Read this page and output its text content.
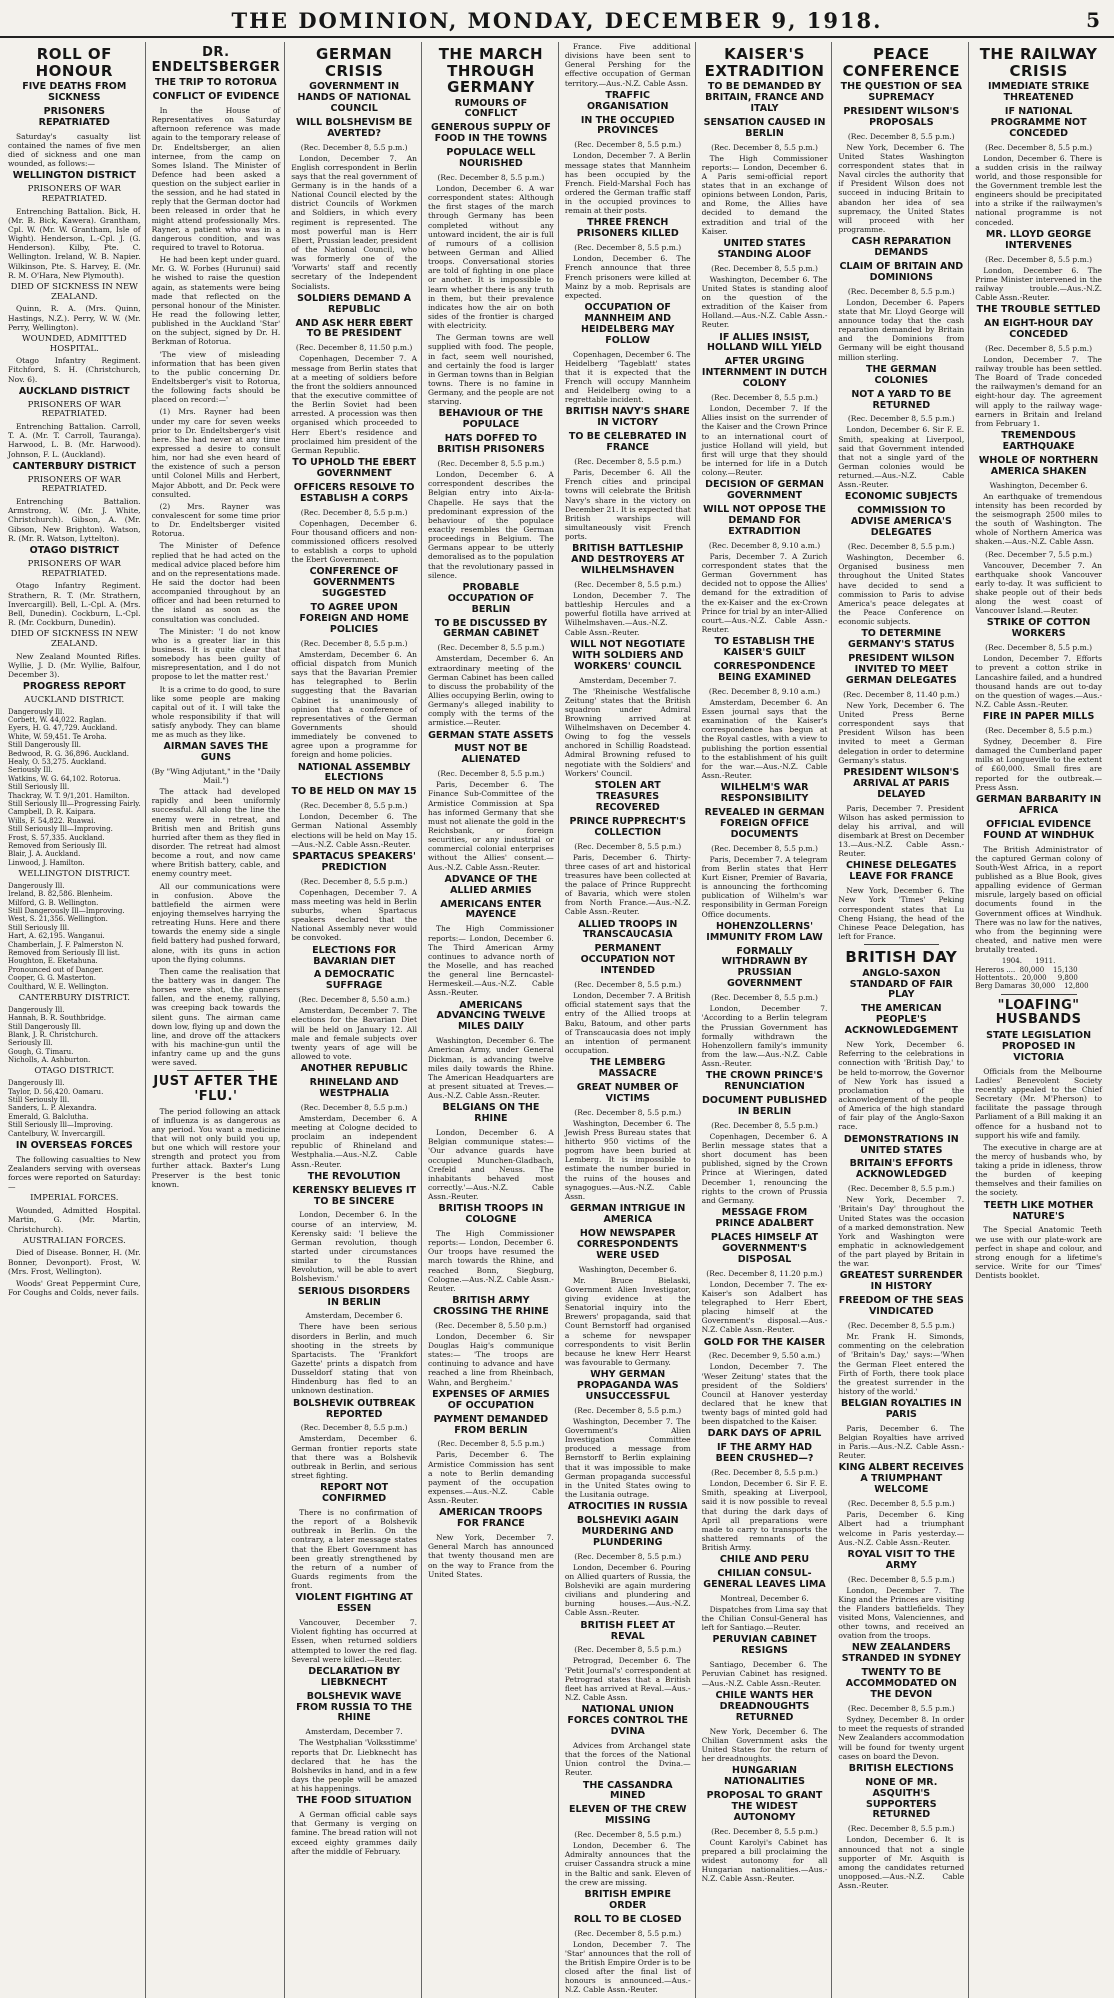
THE DOMINION, MONDAY, DECEMBER 9, 1918.	5
ROLL OF HONOUR
FIVE DEATHS FROM SICKNESS
PRISONERS REPATRIATED
Saturday's casualty list contained the names of five men died of sickness and one man wounded, as follows:—
WELLINGTON DISTRICT
PRISONERS OF WAR REPATRIATED.
Entrenching Battalion. Bick, H. (Mr. B. Bick, Kawera). Grantham, Cpl. W. (Mr. W. Grantham, Isle of Wight). Henderson, L.-Cpl. J. (G. Henderson). Kilby, Pte. C. Wellington. Ireland, W. B. Napier. Wilkinson, Pte. S. Harvey, E. (Mr. R. M. O'Hara, New Plymouth).
DIED OF SICKNESS IN NEW ZEALAND.
Quinn, R. A. (Mrs. Quinn, Hastings, N.Z.). Perry, W. W. (Mr. Perry, Wellington).
WOUNDED, ADMITTED HOSPITAL.
Otago Infantry Regiment. Fitchford, S. H. (Christchurch, Nov. 6).
AUCKLAND DISTRICT
PRISONERS OF WAR REPATRIATED.
Entrenching Battalion. Carroll, T. A. (Mr. T. Carroll, Tauranga). Harwood, L. B. (Mr. Harwood). Johnson, F. L. (Auckland).
CANTERBURY DISTRICT
PRISONERS OF WAR REPATRIATED.
Entrenching Battalion. Armstrong, W. (Mr. J. White, Christchurch). Gibson, A. (Mr. Gibson, New Brighton). Watson, R. (Mr. R. Watson, Lyttelton).
OTAGO DISTRICT
PRISONERS OF WAR REPATRIATED.
Otago Infantry Regiment. Strathern, R. T. (Mr. Strathern, Invercargill). Bell, L.-Cpl. A. (Mrs. Bell, Dunedin). Cockburn, L.-Cpl. R. (Mr. Cockburn, Dunedin).
DIED OF SICKNESS IN NEW ZEALAND.
New Zealand Mounted Rifles. Wyllie, J. D. (Mr. Wyllie, Balfour, December 3).
PROGRESS REPORT
AUCKLAND DISTRICT.
Dangerously Ill.
Corbett, W. 44,022. Raglan.
Eyers, H. G. 47,729. Auckland.
White, W. 59,451. Te Aroha.
Still Dangerously Ill.
Bedwood, R. G. 36,896. Auckland.
Healy, O. 53,275. Auckland.
Seriously Ill.
Watkins, W. G. 64,102. Rotorua.
Still Seriously Ill.
Thackray, W. T. 9/1,201. Hamilton.
Still Seriously Ill—Progressing Fairly.
Campbell, D. R. Kaipara.
Wills, F. 54,822. Ruawai.
Still Seriously Ill—Improving.
Frost, S. 57,335. Auckland.
Removed from Seriously Ill.
Blair, J. A. Auckland.
Linwood, J. Hamilton.
WELLINGTON DISTRICT.
Dangerously Ill.
Ireland, B. 82,586. Blenheim.
Milford, G. B. Wellington.
Still Dangerously Ill—Improving.
West, S. 21,356. Wellington.
Still Seriously Ill.
Hart, A. 62,195. Wanganui.
Chamberlain, J. F. Palmerston N.
Removed from Seriously Ill list.
Houghton, E. Eketahuna.
Pronounced out of Danger.
Cooper, G. G. Masterton.
Coulthard, W. E. Wellington.
CANTERBURY DISTRICT.
Dangerously Ill.
Hannah, B. R. Southbridge.
Still Dangerously Ill.
Blank, J. R. Christchurch.
Seriously Ill.
Gough, G. Timaru.
Nicholls, A. Ashburton.
OTAGO DISTRICT.
Dangerously Ill.
Taylor, D. 56,420. Oamaru.
Still Seriously Ill.
Sanders, L. P. Alexandra.
Emerald, G. Balclutha.
Still Seriously Ill—Improving.
Cantelbury, W. Invercargill.
IN OVERSEAS FORCES
The following casualties to New Zealanders serving with overseas forces were reported on Saturday:—
IMPERIAL FORCES.
Wounded, Admitted Hospital. Martin, G. (Mr. Martin, Christchurch).
AUSTRALIAN FORCES.
Died of Disease. Bonner, H. (Mr. Bonner, Devonport). Frost, W. (Mrs. Frost, Wellington).
Woods' Great Peppermint Cure, For Coughs and Colds, never fails.
DR. ENDELTSBERGER
THE TRIP TO ROTORUA
CONFLICT OF EVIDENCE
In the House of Representatives on Saturday afternoon reference was made again to the temporary release of Dr. Endeltsberger, an alien internee, from the camp on Somes Island. The Minister of Defence had been asked a question on the subject earlier in the session, and he had stated in reply that the German doctor had been released in order that he might attend professionally Mrs. Rayner, a patient who was in a dangerous condition, and was required to travel to Rotorua.
He had been kept under guard. Mr. G. W. Forbes (Hurunui) said he wished to raise the question again, as statements were being made that reflected on the personal honour of the Minister. He read the following letter, published in the Auckland 'Star' on the subject, signed by Dr. H. Berkman of Rotorua.
'The view of misleading information that has been given to the public concerning Dr. Endeltsberger's visit to Rotorua, the following facts should be placed on record:—'
(1) Mrs. Rayner had been under my care for seven weeks prior to Dr. Endeltsberger's visit here. She had never at any time expressed a desire to consult him, nor had she even heard of the existence of such a person until Colonel Mills and Herbert, Major Abbott, and Dr. Peck were consulted.
(2) Mrs. Rayner was convalescent for some time prior to Dr. Endeltsberger visited Rotorua.
The Minister of Defence replied that he had acted on the medical advice placed before him and on the representations made. He said the doctor had been accompanied throughout by an officer and had been returned to the island as soon as the consultation was concluded.
The Minister: 'I do not know who is a greater liar in this business. It is quite clear that somebody has been guilty of misrepresentation, and I do not propose to let the matter rest.'
It is a crime to do good, to sure like some people are making capital out of it. I will take the whole responsibility if that will satisfy anybody. They can blame me as much as they like.
AIRMAN SAVES THE GUNS
(By "Wing Adjutant," in the "Daily Mail.")
The attack had developed rapidly and been uniformly successful. All along the line the enemy were in retreat, and British men and British guns hurried after them as they fled in disorder. The retreat had almost become a rout, and now came where British battery, cable, and enemy country meet.
All our communications were in confusion. Above the battlefield the airmen were enjoying themselves harrying the retreating Huns. Here and there towards the enemy side a single field battery had pushed forward, alone, with its guns in action upon the flying columns.
Then came the realisation that the battery was in danger. The horses were shot, the gunners fallen, and the enemy, rallying, was creeping back towards the silent guns. The airman came down low, flying up and down the line, and drove off the attackers with his machine-gun until the infantry came up and the guns were saved.
JUST AFTER THE 'FLU.'
The period following an attack of influenza is as dangerous as any period. You want a medicine that will not only build you up, but one which will restore your strength and protect you from further attack. Baxter's Lung Preserver is the best tonic known.
GERMAN CRISIS
GOVERNMENT IN HANDS OF NATIONAL COUNCIL
WILL BOLSHEVISM BE AVERTED?
(Rec. December 8, 5.5 p.m.)
London, December 7. An English correspondent in Berlin says that the real government of Germany is in the hands of a National Council elected by the district Councils of Workmen and Soldiers, in which every regiment is represented. The most powerful man is Herr Ebert, Prussian leader, president of the National Council, who was formerly one of the 'Vorwarts' staff and recently secretary of the Independent Socialists.
SOLDIERS DEMAND A REPUBLIC
AND ASK HERR EBERT TO BE PRESIDENT
(Rec. December 8, 11.50 p.m.)
Copenhagen, December 7. A message from Berlin states that at a meeting of soldiers before the front the soldiers announced that the executive committee of the Berlin Soviet had been arrested. A procession was then organised which proceeded to Herr Ebert's residence and proclaimed him president of the German Republic.
TO UPHOLD THE EBERT GOVERNMENT
OFFICERS RESOLVE TO ESTABLISH A CORPS
(Rec. December 8, 5.5 p.m.)
Copenhagen, December 6. Four thousand officers and non-commissioned officers resolved to establish a corps to uphold the Ebert Government.
CONFERENCE OF GOVERNMENTS SUGGESTED
TO AGREE UPON FOREIGN AND HOME POLICIES
(Rec. December 8, 5.5 p.m.)
Amsterdam, December 6. An official dispatch from Munich says that the Bavarian Premier has telegraphed to Berlin suggesting that the Bavarian Cabinet is unanimously of opinion that a conference of representatives of the German Governments should immediately be convened to agree upon a programme for foreign and home policies.
NATIONAL ASSEMBLY ELECTIONS
TO BE HELD ON MAY 15
(Rec. December 8, 5.5 p.m.)
London, December 6. The German National Assembly elections will be held on May 15.—Aus.-N.Z. Cable Assn.-Reuter.
SPARTACUS SPEAKERS' PREDICTION
(Rec. December 8, 5.5 p.m.)
Copenhagen, December 7. A mass meeting was held in Berlin suburbs, when Spartacus speakers declared that the National Assembly never would be convoked.
ELECTIONS FOR BAVARIAN DIET
A DEMOCRATIC SUFFRAGE
(Rec. December 8, 5.50 a.m.)
Amsterdam, December 7. The elections for the Bavarian Diet will be held on January 12. All male and female subjects over twenty years of age will be allowed to vote.
ANOTHER REPUBLIC
RHINELAND AND WESTPHALIA
(Rec. December 8, 5.5 p.m.)
Amsterdam, December 6. A meeting at Cologne decided to proclaim an independent republic of Rhineland and Westphalia.—Aus.-N.Z. Cable Assn.-Reuter.
THE REVOLUTION
KERENSKY BELIEVES IT TO BE SINCERE
London, December 6. In the course of an interview, M. Kerensky said: 'I believe the German revolution, though started under circumstances similar to the Russian Revolution, will be able to avert Bolshevism.'
SERIOUS DISORDERS IN BERLIN
Amsterdam, December 6.
There have been serious disorders in Berlin, and much shooting in the streets by Spartacists. The 'Frankfort Gazette' prints a dispatch from Dusseldorf stating that von Hindenburg has fled to an unknown destination.
BOLSHEVIK OUTBREAK REPORTED
(Rec. December 8, 5.5 p.m.)
Amsterdam, December 6. German frontier reports state that there was a Bolshevik outbreak in Berlin, and serious street fighting.
REPORT NOT CONFIRMED
There is no confirmation of the report of a Bolshevik outbreak in Berlin. On the contrary, a later message states that the Ebert Government has been greatly strengthened by the return of a number of Guards regiments from the front.
VIOLENT FIGHTING AT ESSEN
Vancouver, December 7. Violent fighting has occurred at Essen, when returned soldiers attempted to lower the red flag. Several were killed.—Reuter.
DECLARATION BY LIEBKNECHT
BOLSHEVIK WAVE FROM RUSSIA TO THE RHINE
Amsterdam, December 7.
The Westphalian 'Volksstimme' reports that Dr. Liebknecht has declared that he has the Bolsheviks in hand, and in a few days the people will be amazed at his happenings.
THE FOOD SITUATION
A German official cable says that Germany is verging on famine. The bread ration will not exceed eighty grammes daily after the middle of February.
THE MARCH THROUGH GERMANY
RUMOURS OF CONFLICT
GENEROUS SUPPLY OF FOOD IN THE TOWNS
POPULACE WELL NOURISHED
(Rec. December 8, 5.5 p.m.)
London, December 6. A war correspondent states: Although the first stages of the march through Germany has been completed without any untoward incident, the air is full of rumours of a collision between German and Allied troops. Conversational stories are told of fighting in one place or another. It is impossible to learn whether there is any truth in them, but their prevalence indicates how the air on both sides of the frontier is charged with electricity.
The German towns are well supplied with food. The people, in fact, seem well nourished, and certainly the food is larger in German towns than in Belgian towns. There is no famine in Germany, and the people are not starving.
BEHAVIOUR OF THE POPULACE
HATS DOFFED TO BRITISH PRISONERS
(Rec. December 8, 5.5 p.m.)
London, December 6. A correspondent describes the Belgian entry into Aix-la-Chapelle. He says that the predominant expression of the behaviour of the populace exactly resembles the German proceedings in Belgium. The Germans appear to be utterly demoralised as to the population that the revolutionary passed in silence.
PROBABLE OCCUPATION OF BERLIN
TO BE DISCUSSED BY GERMAN CABINET
(Rec. December 8, 5.5 p.m.)
Amsterdam, December 6. An extraordinary meeting of the German Cabinet has been called to discuss the probability of the Allies occupying Berlin, owing to Germany's alleged inability to comply with the terms of the armistice.—Reuter.
GERMAN STATE ASSETS
MUST NOT BE ALIENATED
(Rec. December 8, 5.5 p.m.)
Paris, December 6. The Finance Sub-Committee of the Armistice Commission at Spa has informed Germany that she must not alienate the gold in the Reichsbank, or foreign securities, or any industrial or commercial colonial enterprises without the Allies' consent.—Aus.-N.Z. Cable Assn.-Reuter.
ADVANCE OF THE ALLIED ARMIES
AMERICANS ENTER MAYENCE
The High Commissioner reports:— London, December 6. The Third American Army continues to advance north of the Moselle, and has reached the general line Berncastel-Hermeskeil.—Aus.-N.Z. Cable Assn.-Reuter.
AMERICANS ADVANCING TWELVE MILES DAILY
Washington, December 6. The American Army, under General Dickman, is advancing twelve miles daily towards the Rhine. The American Headquarters are at present situated at Treves.—Aus.-N.Z. Cable Assn.-Reuter.
BELGIANS ON THE RHINE
London, December 6. A Belgian communique states:— 'Our advance guards have occupied Munchen-Gladbach, Crefeld and Neuss. The inhabitants behaved most correctly.'—Aus.-N.Z. Cable Assn.-Reuter.
BRITISH TROOPS IN COLOGNE
The High Commissioner reports:— London, December 6. Our troops have resumed the march towards the Rhine, and reached Bonn, Siegburg, Cologne.—Aus.-N.Z. Cable Assn.-Reuter.
BRITISH ARMY CROSSING THE RHINE
(Rec. December 8, 5.50 p.m.)
London, December 6. Sir Douglas Haig's communique states:— 'The troops are continuing to advance and have reached a line from Rheinbach, Wahn, and Bergheim.'
EXPENSES OF ARMIES OF OCCUPATION
PAYMENT DEMANDED FROM BERLIN
(Rec. December 8, 5.5 p.m.)
Paris, December 6. The Armistice Commission has sent a note to Berlin demanding payment of the occupation expenses.—Aus.-N.Z. Cable Assn.-Reuter.
AMERICAN TROOPS FOR FRANCE
New York, December 7. General March has announced that twenty thousand men are on the way to France from the United States.
France. Five additional divisions have been sent to General Pershing for the effective occupation of German territory.—Aus.-N.Z. Cable Assn.
TRAFFIC ORGANISATION
IN THE OCCUPIED PROVINCES
(Rec. December 8, 5.5 p.m.)
London, December 7. A Berlin message states that Mannheim has been occupied by the French. Field-Marshal Foch has ordered the German traffic staff in the occupied provinces to remain at their posts.
THREE FRENCH PRISONERS KILLED
(Rec. December 8, 5.5 p.m.)
London, December 6. The French announce that three French prisoners were killed at Mainz by a mob. Reprisals are expected.
OCCUPATION OF MANNHEIM AND HEIDELBERG MAY FOLLOW
Copenhagen, December 6. The Heidelberg 'Tageblatt' states that it is expected that the French will occupy Mannheim and Heidelberg owing to a regrettable incident.
BRITISH NAVY'S SHARE IN VICTORY
TO BE CELEBRATED IN FRANCE
(Rec. December 8, 5.5 p.m.)
Paris, December 6. All the French cities and principal towns will celebrate the British Navy's share in the victory on December 21. It is expected that British warships will simultaneously visit French ports.
BRITISH BATTLESHIP AND DESTROYERS AT WILHELMSHAVEN
(Rec. December 8, 5.5 p.m.)
London, December 7. The battleship Hercules and a powerful flotilla have arrived at Wilhelmshaven.—Aus.-N.Z. Cable Assn.-Reuter.
WILL NOT NEGOTIATE WITH SOLDIERS AND WORKERS' COUNCIL
Amsterdam, December 7.
The 'Rheinische Westfalische Zeitung' states that the British squadron under Admiral Browning arrived at Wilhelmshaven on December 4. Owing to fog the vessels anchored in Schillig Roadstead. Admiral Browning refused to negotiate with the Soldiers' and Workers' Council.
STOLEN ART TREASURES RECOVERED
PRINCE RUPPRECHT'S COLLECTION
(Rec. December 8, 5.5 p.m.)
Paris, December 6. Thirty-three cases of art and historical treasures have been collected at the palace of Prince Rupprecht of Bavaria, which were stolen from North France.—Aus.-N.Z. Cable Assn.-Reuter.
ALLIED TROOPS IN TRANSCAUCASIA
PERMANENT OCCUPATION NOT INTENDED
(Rec. December 8, 5.5 p.m.)
London, December 7. A British official statement says that the entry of the Allied troops at Baku, Batoum, and other parts of Transcaucasia does not imply an intention of permanent occupation.
THE LEMBERG MASSACRE
GREAT NUMBER OF VICTIMS
(Rec. December 8, 5.5 p.m.)
Washington, December 6. The Jewish Press Bureau states that hitherto 950 victims of the pogrom have been buried at Lemberg. It is impossible to estimate the number buried in the ruins of the houses and synagogues.—Aus.-N.Z. Cable Assn.
GERMAN INTRIGUE IN AMERICA
HOW NEWSPAPER CORRESPONDENTS WERE USED
Washington, December 6.
Mr. Bruce Bielaski, Government Alien Investigator, giving evidence at the Senatorial inquiry into the Brewers' propaganda, said that Count Bernstorff had organised a scheme for newspaper correspondents to visit Berlin because he knew Herr Hearst was favourable to Germany.
WHY GERMAN PROPAGANDA WAS UNSUCCESSFUL
(Rec. December 8, 5.5 p.m.)
Washington, December 7. The Government's Alien Investigation Committee produced a message from Bernstorff to Berlin explaining that it was impossible to make German propaganda successful in the United States owing to the Lusitania outrage.
ATROCITIES IN RUSSIA
BOLSHEVIKI AGAIN MURDERING AND PLUNDERING
(Rec. December 8, 5.5 p.m.)
London, December 6. Pouring on Allied quarters of Russia, the Bolsheviki are again murdering civilians and plundering and burning houses.—Aus.-N.Z. Cable Assn.-Reuter.
BRITISH FLEET AT REVAL
(Rec. December 8, 5.5 p.m.)
Petrograd, December 6. The 'Petit Journal's' correspondent at Petrograd states that a British fleet has arrived at Reval.—Aus.-N.Z. Cable Assn.
NATIONAL UNION FORCES CONTROL THE DVINA
Advices from Archangel state that the forces of the National Union control the Dvina.—Reuter.
THE CASSANDRA MINED
ELEVEN OF THE CREW MISSING
(Rec. December 8, 5.5 p.m.)
London, December 6. The Admiralty announces that the cruiser Cassandra struck a mine in the Baltic and sank. Eleven of the crew are missing.
BRITISH EMPIRE ORDER
ROLL TO BE CLOSED
(Rec. December 8, 5.5 p.m.)
London, December 7. The 'Star' announces that the roll of the British Empire Order is to be closed after the final list of honours is announced.—Aus.-N.Z. Cable Assn.-Reuter.
KAISER'S EXTRADITION
TO BE DEMANDED BY BRITAIN, FRANCE AND ITALY
SENSATION CAUSED IN BERLIN
(Rec. December 8, 5.5 p.m.)
The High Commissioner reports:— London, December 6. A Paris semi-official report states that in an exchange of opinions between London, Paris, and Rome, the Allies have decided to demand the extradition and trial of the Kaiser.
UNITED STATES STANDING ALOOF
(Rec. December 8, 5.5 p.m.)
Washington, December 6. The United States is standing aloof on the question of the extradition of the Kaiser from Holland.—Aus.-N.Z. Cable Assn.-Reuter.
IF ALLIES INSIST, HOLLAND WILL YIELD
AFTER URGING INTERNMENT IN DUTCH COLONY
(Rec. December 8, 5.5 p.m.)
London, December 7. If the Allies insist on the surrender of the Kaiser and the Crown Prince to an international court of justice Holland will yield, but first will urge that they should be interned for life in a Dutch colony.—Reuter.
DECISION OF GERMAN GOVERNMENT
WILL NOT OPPOSE THE DEMAND FOR EXTRADITION
(Rec. December 8, 9.10 a.m.)
Paris, December 7. A Zurich correspondent states that the German Government has decided not to oppose the Allies' demand for the extradition of the ex-Kaiser and the ex-Crown Prince for trial by an inter-Allied court.—Aus.-N.Z. Cable Assn.-Reuter.
TO ESTABLISH THE KAISER'S GUILT
CORRESPONDENCE BEING EXAMINED
(Rec. December 8, 9.10 a.m.)
Amsterdam, December 6. An Essen journal says that the examination of the Kaiser's correspondence has begun at the Royal castles, with a view to publishing the portion essential to the establishment of his guilt for the war.—Aus.-N.Z. Cable Assn.-Reuter.
WILHELM'S WAR RESPONSIBILITY
REVEALED IN GERMAN FOREIGN OFFICE DOCUMENTS
(Rec. December 8, 5.5 p.m.)
Paris, December 7. A telegram from Berlin states that Herr Kurt Eisner, Premier of Bavaria, is announcing the forthcoming publication of Wilhelm's war responsibility in German Foreign Office documents.
HOHENZOLLERNS' IMMUNITY FROM LAW
FORMALLY WITHDRAWN BY PRUSSIAN GOVERNMENT
(Rec. December 8, 5.5 p.m.)
London, December 7. 'According to a Berlin telegram the Prussian Government has formally withdrawn the Hohenzollern family's immunity from the law.—Aus.-N.Z. Cable Assn.-Reuter.
THE CROWN PRINCE'S RENUNCIATION
DOCUMENT PUBLISHED IN BERLIN
(Rec. December 8, 5.5 p.m.)
Copenhagen, December 6. A Berlin message states that a short document has been published, signed by the Crown Prince at Wieringen, dated December 1, renouncing the rights to the crown of Prussia and Germany.
MESSAGE FROM PRINCE ADALBERT
PLACES HIMSELF AT GOVERNMENT'S DISPOSAL
(Rec. December 8, 11.20 p.m.)
London, December 7. The ex-Kaiser's son Adalbert has telegraphed to Herr Ebert, placing himself at the Government's disposal.—Aus.-N.Z. Cable Assn.-Reuter.
GOLD FOR THE KAISER
(Rec. December 9, 5.50 a.m.)
London, December 7. The 'Weser Zeitung' states that the president of the Soldiers' Council at Hanover yesterday declared that he knew that twenty bags of minted gold had been dispatched to the Kaiser.
DARK DAYS OF APRIL
IF THE ARMY HAD BEEN CRUSHED—?
(Rec. December 8, 5.5 p.m.)
London, December 6. Sir F. E. Smith, speaking at Liverpool, said it is now possible to reveal that during the dark days of April all preparations were made to carry to transports the shattered remnants of the British Army.
CHILE AND PERU
CHILIAN CONSUL-GENERAL LEAVES LIMA
Montreal, December 6.
Dispatches from Lima say that the Chilian Consul-General has left for Santiago.—Reuter.
PERUVIAN CABINET RESIGNS
Santiago, December 6. The Peruvian Cabinet has resigned.—Aus.-N.Z. Cable Assn.-Reuter.
CHILE WANTS HER DREADNOUGHTS RETURNED
New York, December 6. The Chilian Government asks the United States for the return of her dreadnoughts.
HUNGARIAN NATIONALITIES
PROPOSAL TO GRANT THE WIDEST AUTONOMY
(Rec. December 8, 5.5 p.m.)
Count Karolyi's Cabinet has prepared a bill proclaiming the widest autonomy for all Hungarian nationalities.—Aus.-N.Z. Cable Assn.-Reuter.
PEACE CONFERENCE
THE QUESTION OF SEA SUPREMACY
PRESIDENT WILSON'S PROPOSALS
(Rec. December 8, 5.5 p.m.)
New York, December 6. The United States Washington correspondent states that in Naval circles the authority that if President Wilson does not succeed in inducing Britain to abandon her idea of sea supremacy, the United States will proceed with her programme.
CASH REPARATION DEMANDS
CLAIM OF BRITAIN AND DOMINIONS
(Rec. December 8, 5.5 p.m.)
London, December 6. Papers state that Mr. Lloyd George will announce today that the cash reparation demanded by Britain and the Dominions from Germany will be eight thousand million sterling.
THE GERMAN COLONIES
NOT A YARD TO BE RETURNED
(Rec. December 8, 5.5 p.m.)
London, December 6. Sir F. E. Smith, speaking at Liverpool, said that Government intended that not a single yard of the German colonies would be returned.—Aus.-N.Z. Cable Assn.-Reuter.
ECONOMIC SUBJECTS
COMMISSION TO ADVISE AMERICA'S DELEGATES
(Rec. December 8, 5.5 p.m.)
Washington, December 6. Organised business men throughout the United States have decided to send a commission to Paris to advise America's peace delegates at the Peace Conference on economic subjects.
TO DETERMINE GERMANY'S STATUS
PRESIDENT WILSON INVITED TO MEET GERMAN DELEGATES
(Rec. December 8, 11.40 p.m.)
New York, December 6. The United Press Berne correspondent says that President Wilson has been invited to meet a German delegation in order to determine Germany's status.
PRESIDENT WILSON'S ARRIVAL AT PARIS DELAYED
Paris, December 7. President Wilson has asked permission to delay his arrival, and will disembark at Brest on December 13.—Aus.-N.Z. Cable Assn.-Reuter.
CHINESE DELEGATES LEAVE FOR FRANCE
New York, December 6. The New York 'Times' Peking correspondent states that Lu Cheng Hsiang, the head of the Chinese Peace Delegation, has left for France.
BRITISH DAY
ANGLO-SAXON STANDARD OF FAIR PLAY
THE AMERICAN PEOPLE'S ACKNOWLEDGEMENT
New York, December 6. Referring to the celebrations in connection with 'British Day,' to be held to-morrow, the Governor of New York has issued a proclamation of the acknowledgement of the people of America of the high standard of fair play of the Anglo-Saxon race.
DEMONSTRATIONS IN UNITED STATES
BRITAIN'S EFFORTS ACKNOWLEDGED
(Rec. December 8, 5.5 p.m.)
New York, December 7. 'Britain's Day' throughout the United States was the occasion of a marked demonstration. New York and Washington were emphatic in acknowledgement of the part played by Britain in the war.
GREATEST SURRENDER IN HISTORY
FREEDOM OF THE SEAS VINDICATED
(Rec. December 8, 5.5 p.m.)
Mr. Frank H. Simonds, commenting on the celebration of 'Britain's Day,' says:—'When the German Fleet entered the Firth of Forth, there took place the greatest surrender in the history of the world.'
BELGIAN ROYALTIES IN PARIS
Paris, December 6. The Belgian Royalties have arrived in Paris.—Aus.-N.Z. Cable Assn.-Reuter.
KING ALBERT RECEIVES A TRIUMPHANT WELCOME
(Rec. December 8, 5.5 p.m.)
Paris, December 6. King Albert had a triumphant welcome in Paris yesterday.—Aus.-N.Z. Cable Assn.-Reuter.
ROYAL VISIT TO THE ARMY
(Rec. December 8, 5.5 p.m.)
London, December 7. The King and the Princes are visiting the Flanders battlefields. They visited Mons, Valenciennes, and other towns, and received an ovation from the troops.
NEW ZEALANDERS STRANDED IN SYDNEY
TWENTY TO BE ACCOMMODATED ON THE DEVON
(Rec. December 8, 5.5 p.m.)
Sydney, December 8. In order to meet the requests of stranded New Zealanders accommodation will be found for twenty urgent cases on board the Devon.
BRITISH ELECTIONS
NONE OF MR. ASQUITH'S SUPPORTERS RETURNED
(Rec. December 8, 5.5 p.m.)
London, December 6. It is announced that not a single supporter of Mr. Asquith is among the candidates returned unopposed.—Aus.-N.Z. Cable Assn.-Reuter.
THE RAILWAY CRISIS
IMMEDIATE STRIKE THREATENED
IF NATIONAL PROGRAMME NOT CONCEDED
(Rec. December 8, 5.5 p.m.)
London, December 6. There is a sudden crisis in the railway world, and those responsible for the Government tremble lest the engineers should be precipitated into a strike if the railwaymen's national programme is not conceded.
MR. LLOYD GEORGE INTERVENES
(Rec. December 8, 5.5 p.m.)
London, December 6. The Prime Minister intervened in the railway trouble.—Aus.-N.Z. Cable Assn.-Reuter.
THE TROUBLE SETTLED
AN EIGHT-HOUR DAY CONCEDED
(Rec. December 8, 5.5 p.m.)
London, December 7. The railway trouble has been settled. The Board of Trade conceded the railwaymen's demand for an eight-hour day. The agreement will apply to the railway wage-earners in Britain and Ireland from February 1.
TREMENDOUS EARTHQUAKE
WHOLE OF NORTHERN AMERICA SHAKEN
Washington, December 6.
An earthquake of tremendous intensity has been recorded by the seismograph 2500 miles to the south of Washington. The whole of Northern America was shaken.—Aus.-N.Z. Cable Assn.
(Rec. December 7, 5.5 p.m.)
Vancouver, December 7. An earthquake shook Vancouver early to-day. It was sufficient to shake people out of their beds along the west coast of Vancouver Island.—Reuter.
STRIKE OF COTTON WORKERS
(Rec. December 8, 5.5 p.m.)
London, December 7. Efforts to prevent a cotton strike in Lancashire failed, and a hundred thousand hands are out to-day on the question of wages.—Aus.-N.Z. Cable Assn.-Reuter.
FIRE IN PAPER MILLS
(Rec. December 8, 5.5 p.m.)
Sydney, December 8. Fire damaged the Cumberland paper mills at Longueville to the extent of £60,000. Small fires are reported for the outbreak.—Press Assn.
GERMAN BARBARITY IN AFRICA
OFFICIAL EVIDENCE FOUND AT WINDHUK
The British Administrator of the captured German colony of South-West Africa, in a report published as a Blue Book, gives appalling evidence of German misrule, largely based on official documents found in the Government offices at Windhuk. There was no law for the natives, who from the beginning were cheated, and native men were brutally treated.
1904.      1911.
Hereros ....  80,000    15,130
Hottentots..  20,000     9,800
Berg Damaras  30,000    12,800
"LOAFING" HUSBANDS
STATE LEGISLATION PROPOSED IN VICTORIA
Officials from the Melbourne Ladies' Benevolent Society recently appealed to the Chief Secretary (Mr. M'Pherson) to facilitate the passage through Parliament of a Bill making it an offence for a husband not to support his wife and family.
The executive in charge are at the mercy of husbands who, by taking a pride in idleness, throw the burden of keeping themselves and their families on the society.
TEETH LIKE MOTHER NATURE'S
The Special Anatomic Teeth we use with our plate-work are perfect in shape and colour, and strong enough for a lifetime's service. Write for our 'Times' Dentists booklet.
